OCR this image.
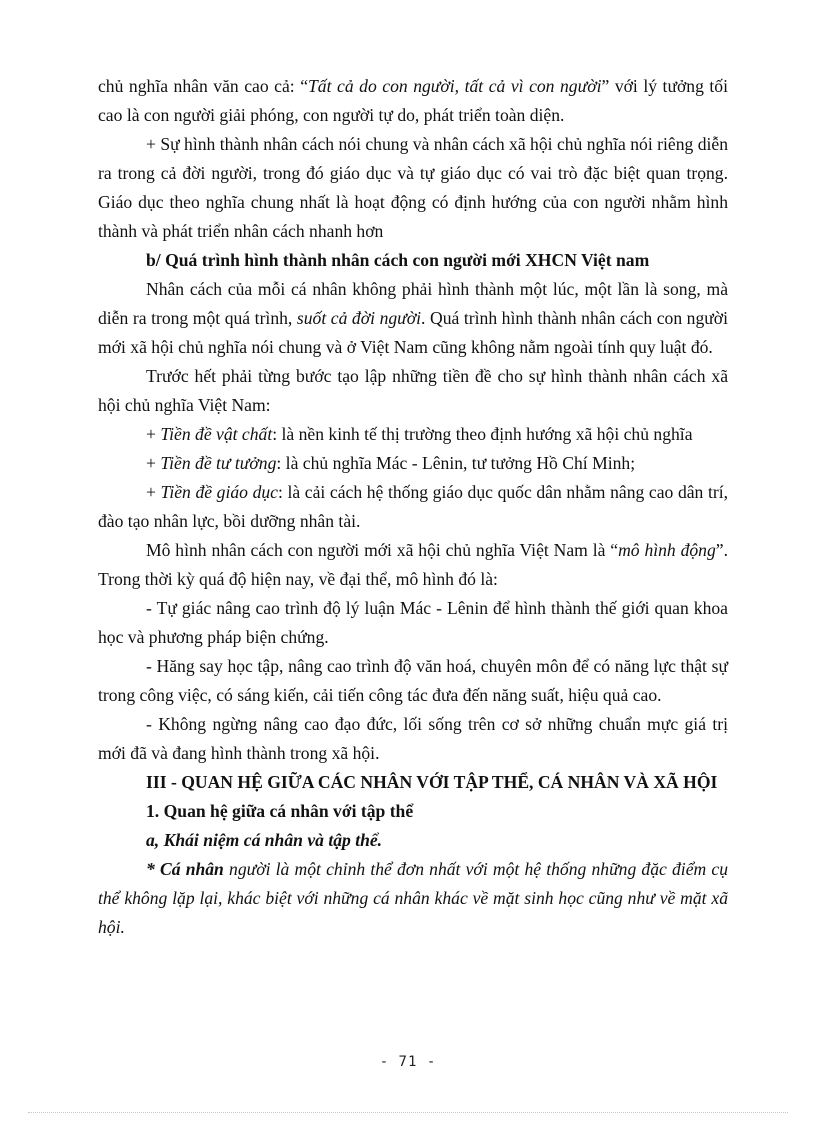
chủ nghĩa nhân văn cao cả: “Tất cả do con người, tất cả vì con người” với lý tưởng tối cao là con người giải phóng, con người tự do, phát triển toàn diện.

+ Sự hình thành nhân cách nói chung và nhân cách xã hội chủ nghĩa nói riêng diễn ra trong cả đời người, trong đó giáo dục và tự giáo dục có vai trò đặc biệt quan trọng. Giáo dục theo nghĩa chung nhất là hoạt động có định hướng của con người nhằm hình thành và phát triển nhân cách nhanh hơn

b/ Quá trình hình thành nhân cách con người mới XHCN Việt nam

Nhân cách của mỗi cá nhân không phải hình thành một lúc, một lần là song, mà diễn ra trong một quá trình, suốt cả đời người. Quá trình hình thành nhân cách con người mới xã hội chủ nghĩa nói chung và ở Việt Nam cũng không nằm ngoài tính quy luật đó.

Trước hết phải từng bước tạo lập những tiền đề cho sự hình thành nhân cách xã hội chủ nghĩa Việt Nam:

+ Tiền đề vật chất: là nền kinh tế thị trường theo định hướng xã hội chủ nghĩa

+ Tiền đề tư tưởng: là chủ nghĩa Mác - Lênin, tư tưởng Hồ Chí Minh;

+ Tiền đề giáo dục: là cải cách hệ thống giáo dục quốc dân nhằm nâng cao dân trí, đào tạo nhân lực, bồi dưỡng nhân tài.

Mô hình nhân cách con người mới xã hội chủ nghĩa Việt Nam là “mô hình động”. Trong thời kỳ quá độ hiện nay, về đại thể, mô hình đó là:

- Tự giác nâng cao trình độ lý luận Mác - Lênin để hình thành thế giới quan khoa học và phương pháp biện chứng.

- Hăng say học tập, nâng cao trình độ văn hoá, chuyên môn để có năng lực thật sự trong công việc, có sáng kiến, cải tiến công tác đưa đến năng suất, hiệu quả cao.

- Không ngừng nâng cao đạo đức, lối sống trên cơ sở những chuẩn mực giá trị mới đã và đang hình thành trong xã hội.

III - QUAN HỆ GIỮA CÁC NHÂN VỚI TẬP THỂ, CÁ NHÂN VÀ XÃ HỘI

1. Quan hệ giữa cá nhân với tập thể

a, Khái niệm cá nhân và tập thể.

* Cá nhân người là một chỉnh thể đơn nhất với một hệ thống những đặc điểm cụ thể không lặp lại, khác biệt với những cá nhân khác về mặt sinh học cũng như về mặt xã hội.

- 71 -
